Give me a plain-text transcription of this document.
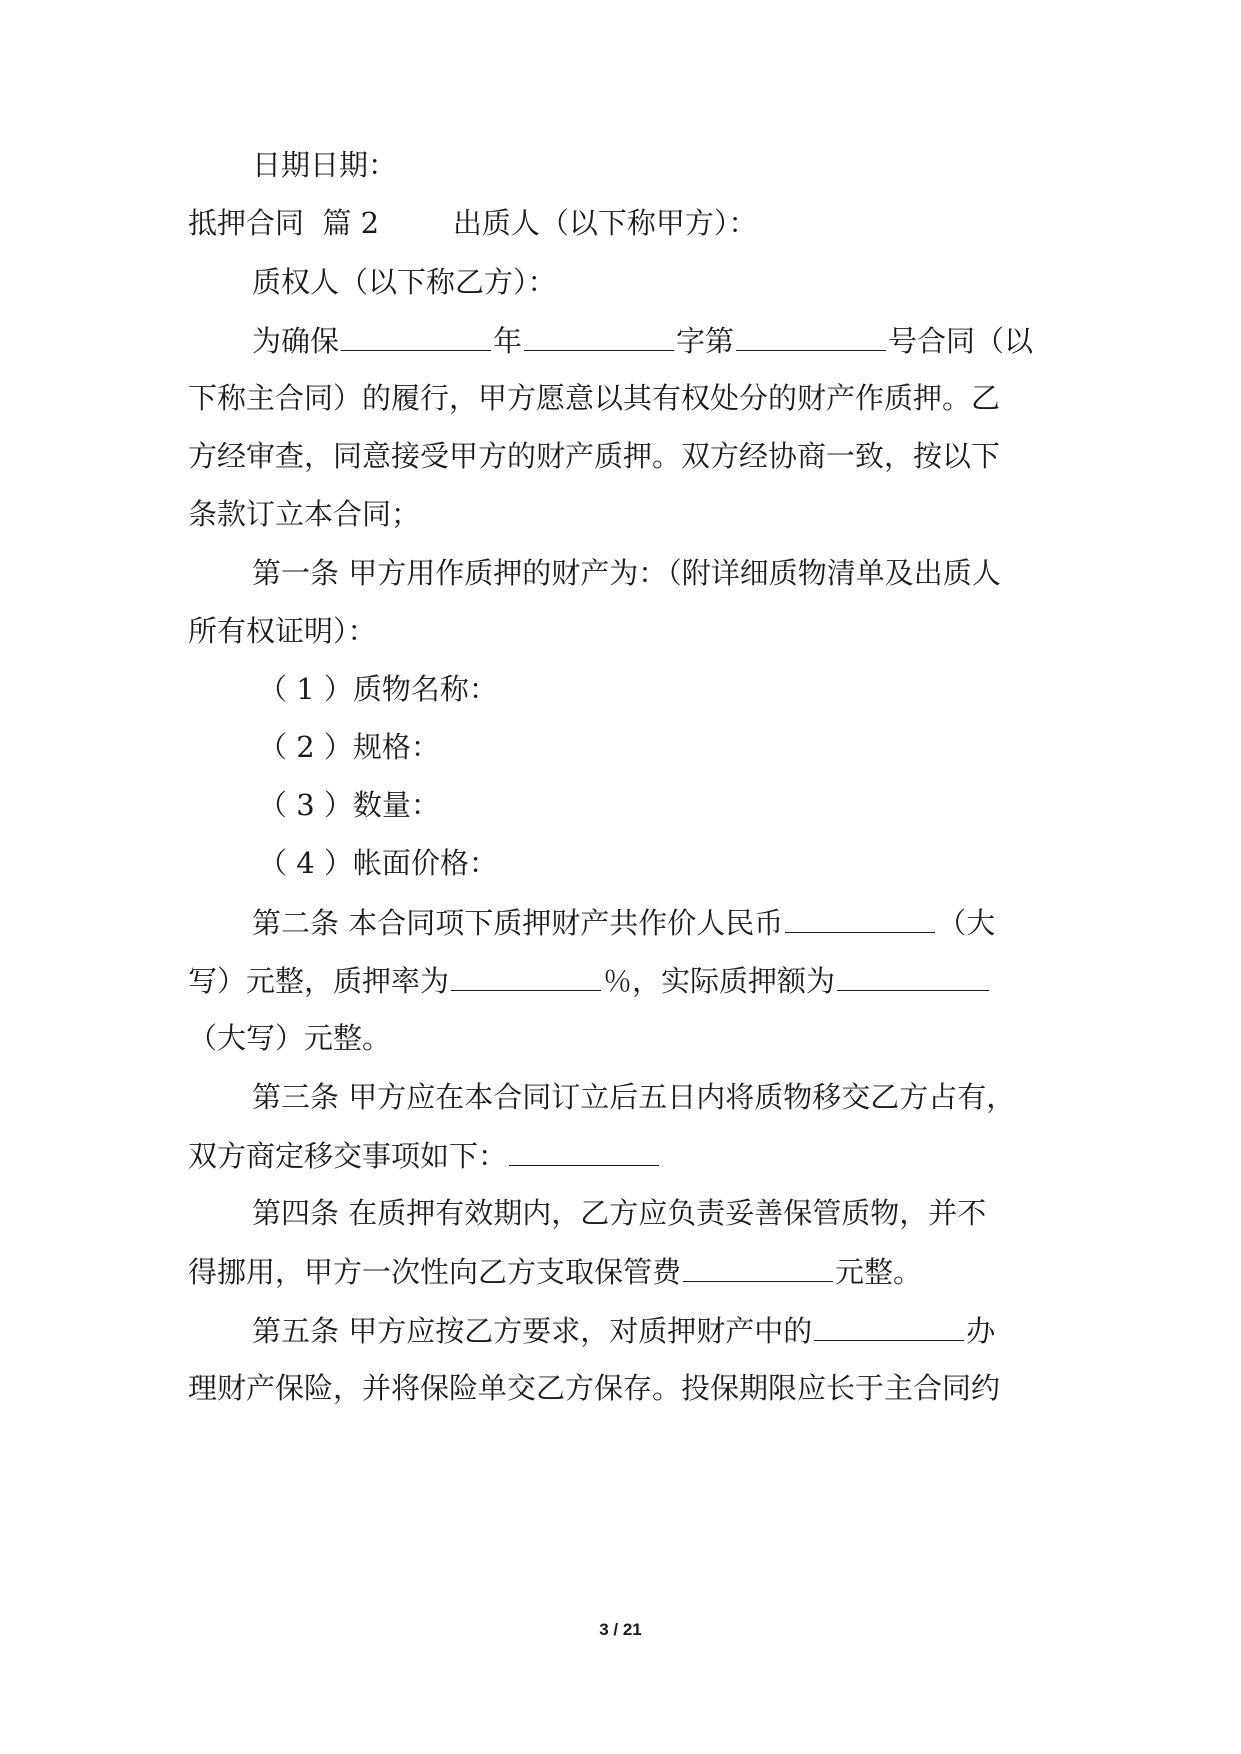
日期日期：
抵押合同  篇 2        出质人（以下称甲方）：
质权人（以下称乙方）：
为确保	年	字第	号合同（以
下称主合同）的履行，甲方愿意以其有权处分的财产作质押。乙
方经审查，同意接受甲方的财产质押。双方经协商一致，按以下
条款订立本合同；
第一条 甲方用作质押的财产为：（附详细质物清单及出质人
所有权证明）：
（ 1 ）质物名称：
（ 2 ）规格：
（ 3 ）数量：
（ 4 ）帐面价格：
第二条 本合同项下质押财产共作价人民币	（大
写）元整，质押率为	％，实际质押额为
（大写）元整。
第三条 甲方应在本合同订立后五日内将质物移交乙方占有，
双方商定移交事项如下：
第四条 在质押有效期内，乙方应负责妥善保管质物，并不
得挪用，甲方一次性向乙方支取保管费	元整。
第五条 甲方应按乙方要求，对质押财产中的	办
理财产保险，并将保险单交乙方保存。投保期限应长于主合同约
3 / 21
